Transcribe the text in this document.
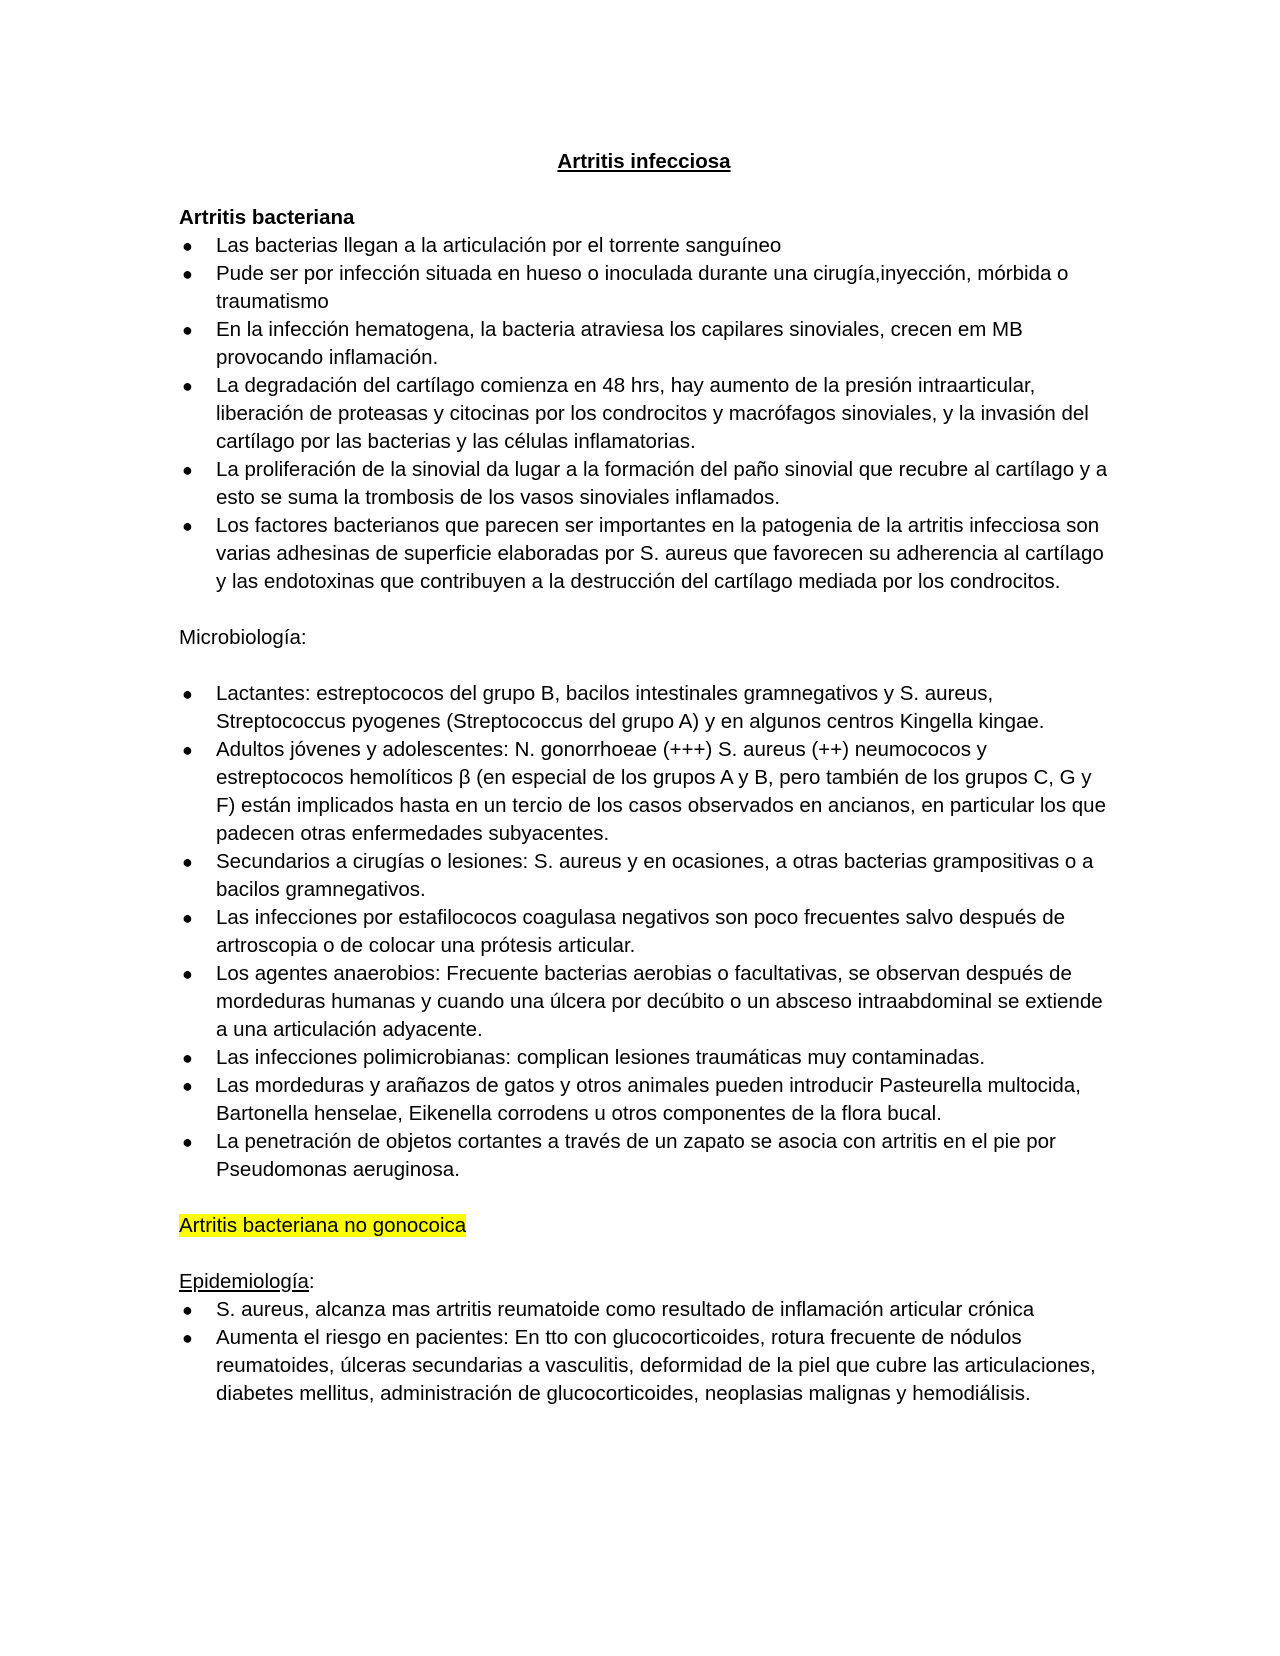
Artritis infecciosa
Artritis bacteriana
● Las bacterias llegan a la articulación por el torrente sanguíneo
● Pude ser por infección situada en hueso o inoculada durante una cirugía,inyección, mórbida o traumatismo
● En la infección hematogena, la bacteria atraviesa los capilares sinoviales, crecen em MB provocando inflamación.
● La degradación del cartílago comienza en 48 hrs, hay aumento de la presión intraarticular, liberación de proteasas y citocinas por los condrocitos y macrófagos sinoviales, y la invasión del cartílago por las bacterias y las células inflamatorias.
● La proliferación de la sinovial da lugar a la formación del paño sinovial que recubre al cartílago y a esto se suma la trombosis de los vasos sinoviales inflamados.
● Los factores bacterianos que parecen ser importantes en la patogenia de la artritis infecciosa son varias adhesinas de superficie elaboradas por S. aureus que favorecen su adherencia al cartílago y las endotoxinas que contribuyen a la destrucción del cartílago mediada por los condrocitos.
Microbiología:
● Lactantes: estreptococos del grupo B, bacilos intestinales gramnegativos y S. aureus, Streptococcus pyogenes (Streptococcus del grupo A) y en algunos centros Kingella kingae.
● Adultos jóvenes y adolescentes: N. gonorrhoeae (+++) S. aureus (++) neumococos y estreptococos hemolíticos β (en especial de los grupos A y B, pero también de los grupos C, G y F) están implicados hasta en un tercio de los casos observados en ancianos, en particular los que padecen otras enfermedades subyacentes.
● Secundarios a cirugías o lesiones: S. aureus y en ocasiones, a otras bacterias grampositivas o a bacilos gramnegativos.
● Las infecciones por estafilococos coagulasa negativos son poco frecuentes salvo después de artroscopia o de colocar una prótesis articular.
● Los agentes anaerobios: Frecuente bacterias aerobias o facultativas, se observan después de mordeduras humanas y cuando una úlcera por decúbito o un absceso intraabdominal se extiende a una articulación adyacente.
● Las infecciones polimicrobianas: complican lesiones traumáticas muy contaminadas.
● Las mordeduras y arañazos de gatos y otros animales pueden introducir Pasteurella multocida, Bartonella henselae, Eikenella corrodens u otros componentes de la flora bucal.
● La penetración de objetos cortantes a través de un zapato se asocia con artritis en el pie por Pseudomonas aeruginosa.
Artritis bacteriana no gonocoica
Epidemiología:
● S. aureus, alcanza mas artritis reumatoide como resultado de inflamación articular crónica
● Aumenta el riesgo en pacientes: En tto con glucocorticoides, rotura frecuente de nódulos reumatoides, úlceras secundarias a vasculitis, deformidad de la piel que cubre las articulaciones, diabetes mellitus, administración de glucocorticoides, neoplasias malignas y hemodiálisis.
